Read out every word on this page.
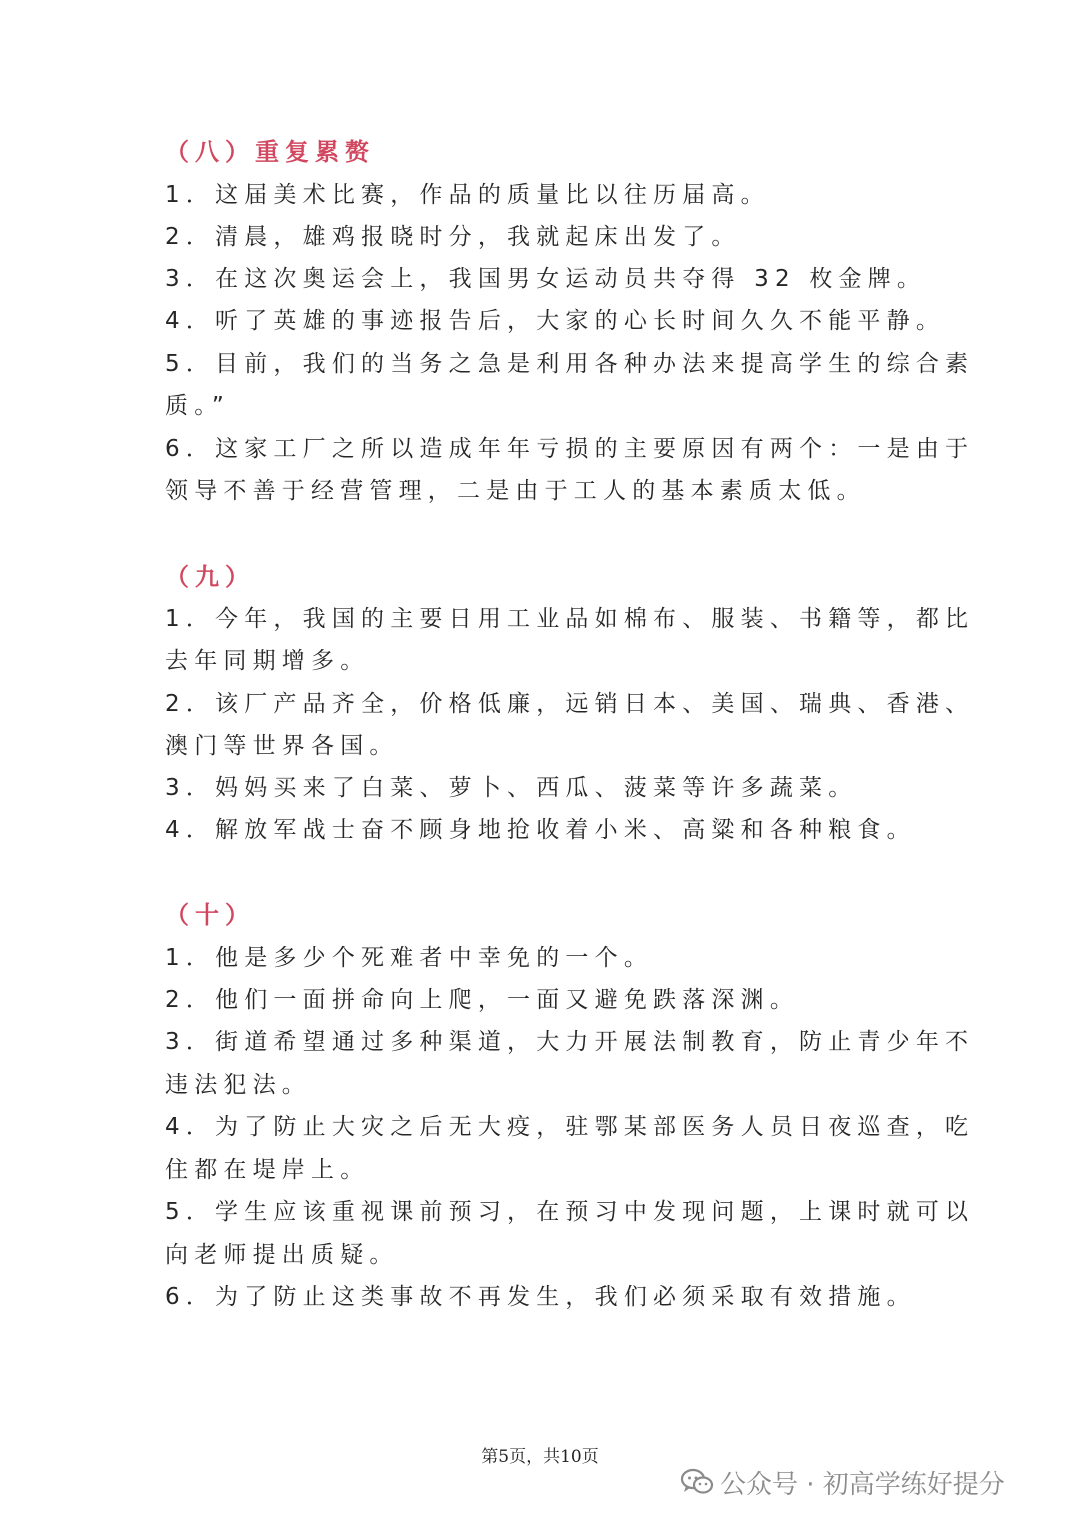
（八）重复累赘
1．这届美术比赛，作品的质量比以往历届高。
2．清晨，雄鸡报晓时分，我就起床出发了。
3．在这次奥运会上，我国男女运动员共夺得 32 枚金牌。
4．听了英雄的事迹报告后，大家的心长时间久久不能平静。
5．目前，我们的当务之急是利用各种办法来提高学生的综合素
质。”
6．这家工厂之所以造成年年亏损的主要原因有两个：一是由于
领导不善于经营管理，二是由于工人的基本素质太低。
（九）
1．今年，我国的主要日用工业品如棉布、服装、书籍等，都比
去年同期增多。
2．该厂产品齐全，价格低廉，远销日本、美国、瑞典、香港、
澳门等世界各国。
3．妈妈买来了白菜、萝卜、西瓜、菠菜等许多蔬菜。
4．解放军战士奋不顾身地抢收着小米、高粱和各种粮食。
（十）
1．他是多少个死难者中幸免的一个。
2．他们一面拼命向上爬，一面又避免跌落深渊。
3．街道希望通过多种渠道，大力开展法制教育，防止青少年不
违法犯法。
4．为了防止大灾之后无大疫，驻鄂某部医务人员日夜巡查，吃
住都在堤岸上。
5．学生应该重视课前预习，在预习中发现问题，上课时就可以
向老师提出质疑。
6．为了防止这类事故不再发生，我们必须采取有效措施。
第5页，共10页
公众号 · 初高学练好提分
